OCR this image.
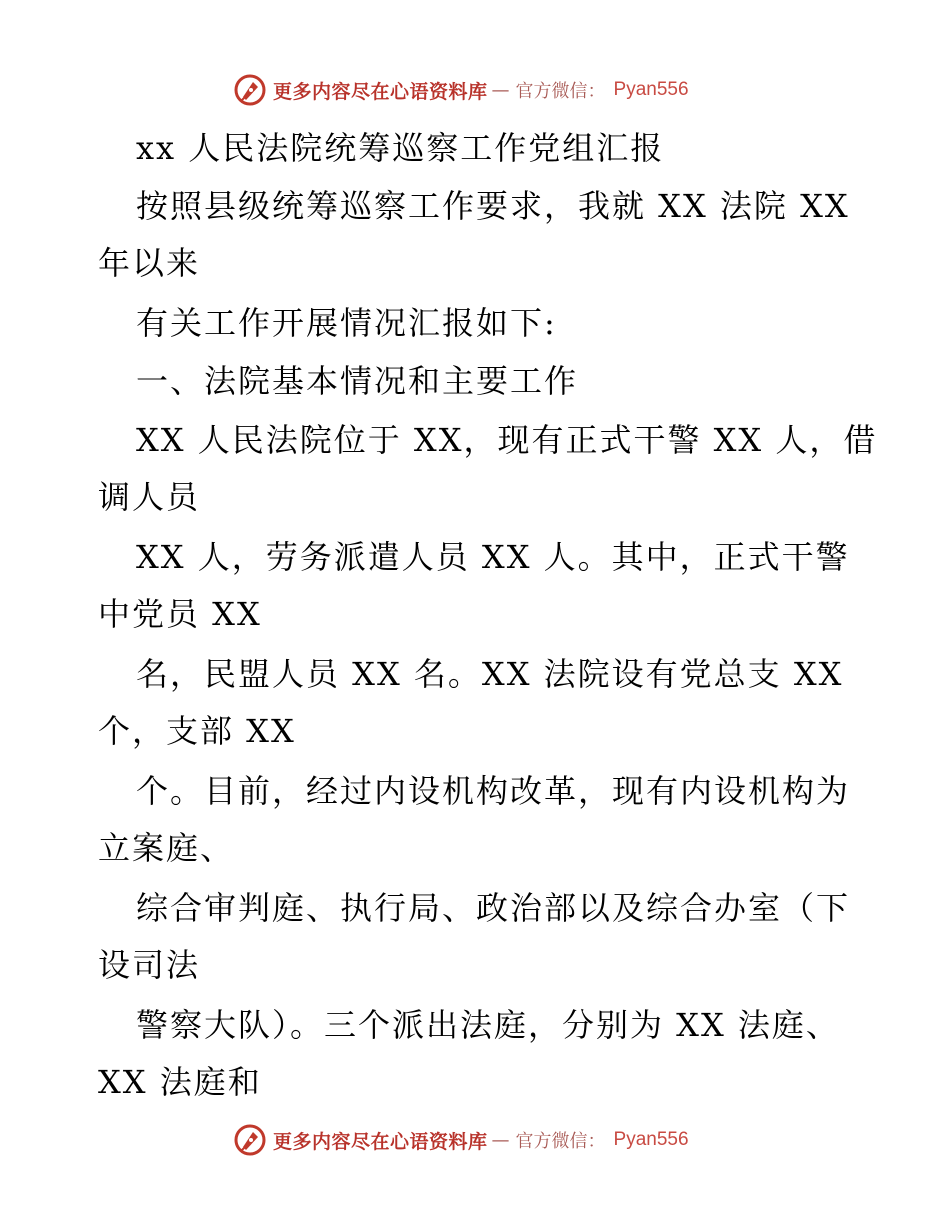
更多内容尽在心语资料库 — 官方微信： Pyan556
xx 人民法院统筹巡察工作党组汇报
按照县级统筹巡察工作要求，我就 XX 法院 XX
年以来
有关工作开展情况汇报如下:
一、法院基本情况和主要工作
XX 人民法院位于 XX，现有正式干警 XX 人，借
调人员
XX 人，劳务派遣人员 XX 人。其中，正式干警
中党员 XX
名，民盟人员 XX 名。XX 法院设有党总支 XX
个，支部 XX
个。目前，经过内设机构改革，现有内设机构为
立案庭、
综合审判庭、执行局、政治部以及综合办室（下
设司法
警察大队）。三个派出法庭，分别为 XX 法庭、
XX 法庭和
更多内容尽在心语资料库 — 官方微信： Pyan556
